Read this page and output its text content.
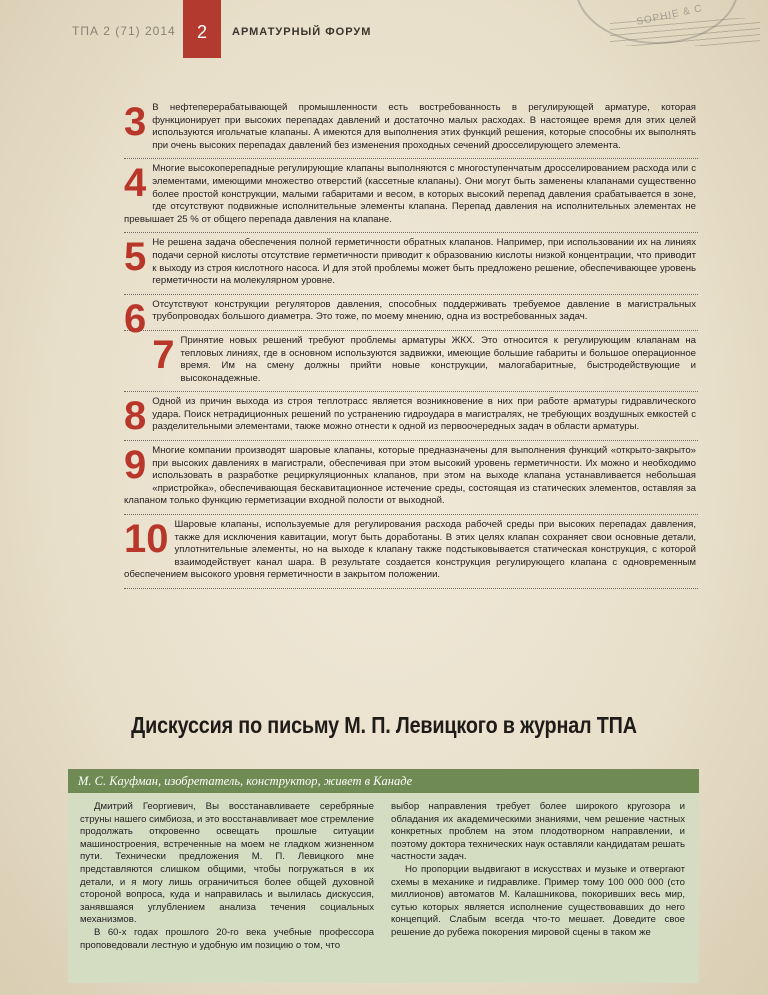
ТПА 2 (71) 2014	2	АРМАТУРНЫЙ ФОРУМ
SOPHIE & C
3 В нефтеперерабатывающей промышленности есть востребованность в регулирующей арматуре, которая функционирует при высоких перепадах давлений и достаточно малых расходах. В настоящее время для этих целей используются игольчатые клапаны. А имеются для выполнения этих функций решения, которые способны их выполнять при очень высоких перепадах давлений без изменения проходных сечений дросселирующего элемента.
4 Многие высокоперепадные регулирующие клапаны выполняются с многоступенчатым дросселированием расхода или с элементами, имеющими множество отверстий (кассетные клапаны). Они могут быть заменены клапанами существенно более простой конструкции, малыми габаритами и весом, в которых высокий перепад давления срабатывается в зоне, где отсутствуют подвижные исполнительные элементы клапана. Перепад давления на исполнительных элементах не превышает 25 % от общего перепада давления на клапане.
5 Не решена задача обеспечения полной герметичности обратных клапанов. Например, при использовании их на линиях подачи серной кислоты отсутствие герметичности приводит к образованию кислоты низкой концентрации, что приводит к выходу из строя кислотного насоса. И для этой проблемы может быть предложено решение, обеспечивающее уровень герметичности на молекулярном уровне.
6 Отсутствуют конструкции регуляторов давления, способных поддерживать требуемое давление в магистральных трубопроводах большого диаметра. Это тоже, по моему мнению, одна из востребованных задач.
7 Принятие новых решений требуют проблемы арматуры ЖКХ. Это относится к регулирующим клапанам на тепловых линиях, где в основном используются задвижки, имеющие большие габариты и большое операционное время. Им на смену должны прийти новые конструкции, малогабаритные, быстродействующие и высоконадежные.
8 Одной из причин выхода из строя теплотрасс является возникновение в них при работе арматуры гидравлического удара. Поиск нетрадиционных решений по устранению гидроудара в магистралях, не требующих воздушных емкостей с разделительными элементами, также можно отнести к одной из первоочередных задач в области арматуры.
9 Многие компании производят шаровые клапаны, которые предназначены для выполнения функций «открыто-закрыто» при высоких давлениях в магистрали, обеспечивая при этом высокий уровень герметичности. Их можно и необходимо использовать в разработке рециркуляционных клапанов, при этом на выходе клапана устанавливается небольшая «пристройка», обеспечивающая бескавитационное истечение среды, состоящая из статических элементов, оставляя за клапаном только функцию герметизации входной полости от выходной.
10 Шаровые клапаны, используемые для регулирования расхода рабочей среды при высоких перепадах давления, также для исключения кавитации, могут быть доработаны. В этих целях клапан сохраняет свои основные детали, уплотнительные элементы, но на выходе к клапану также подстыковывается статическая конструкция, с которой взаимодействует канал шара. В результате создается конструкция регулирующего клапана с одновременным обеспечением высокого уровня герметичности в закрытом положении.
Дискуссия по письму М. П. Левицкого в журнал ТПА
М. С. Кауфман, изобретатель, конструктор, живет в Канаде

Дмитрий Георгиевич, Вы восстанавливаете серебряные струны нашего симбиоза, и это восстанавливает мое стремление продолжать откровенно освещать прошлые ситуации машиностроения, встреченные на моем не гладком жизненном пути. Технически предложения М. П. Левицкого мне представляются слишком общими, чтобы погружаться в их детали, и я могу лишь ограничиться более общей духовной стороной вопроса, куда и направилась и вылилась дискуссия, занявшаяся углублением анализа течения социальных механизмов.

В 60-х годах прошлого 20-го века учебные профессора проповедовали лестную и удобную им позицию о том, что

выбор направления требует более широкого кругозора и обладания их академическими знаниями, чем решение частных конкретных проблем на этом плодотворном направлении, и поэтому доктора технических наук оставляли кандидатам решать частности задач.

Но пропорции выдвигают в искусствах и музыке и отвергают схемы в механике и гидравлике. Пример тому 100 000 000 (сто миллионов) автоматов М. Калашникова, покоривших весь мир, сутью которых является исполнение существовавших до него концепций. Слабым всегда что-то мешает. Доведите свое решение до рубежа покорения мировой сцены в таком же
